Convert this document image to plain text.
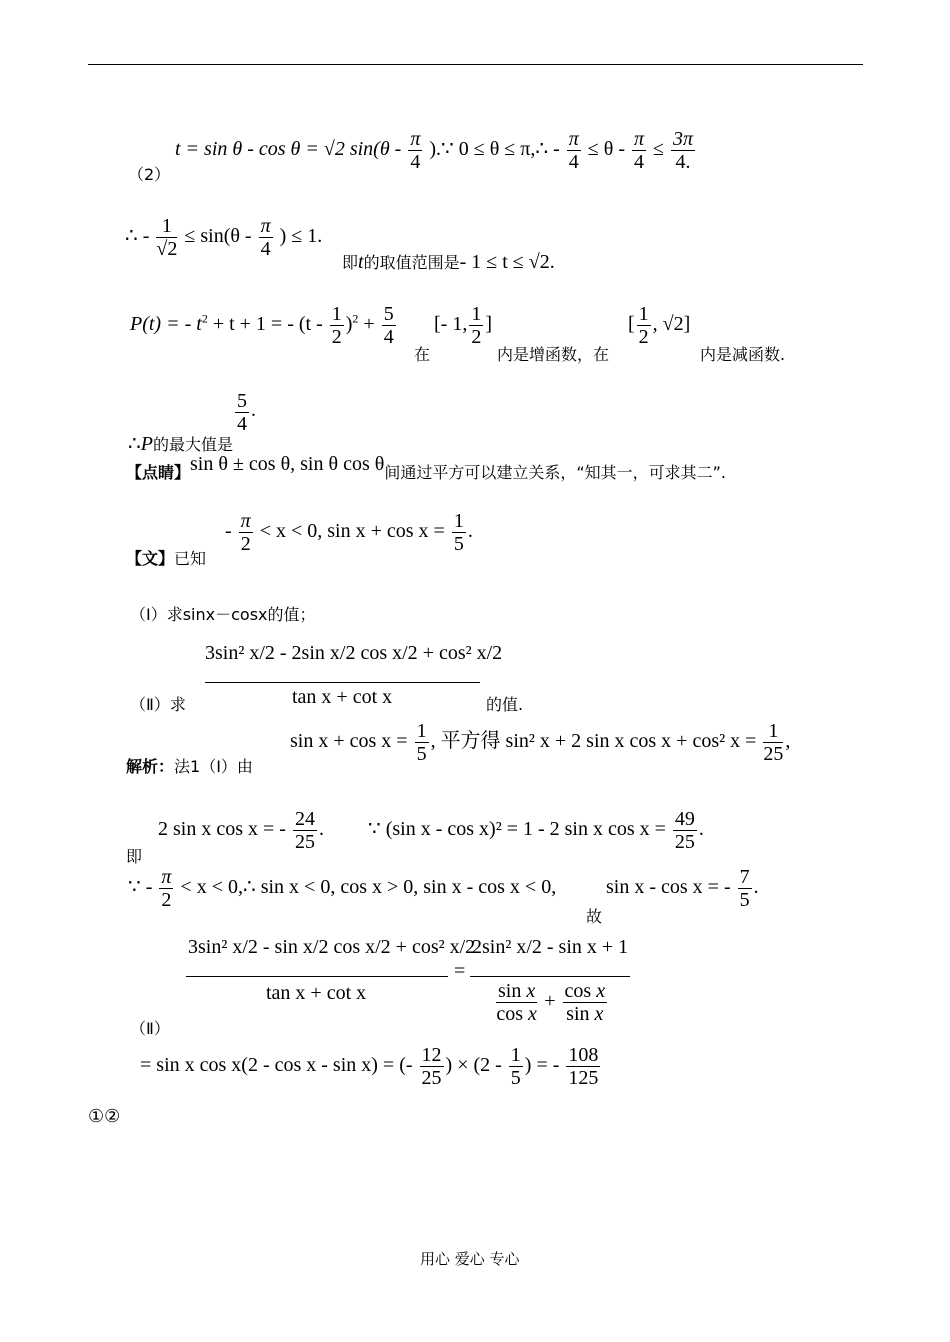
（2）
t = sin θ - cos θ = √2 $\sin(\theta - \frac{\pi}{4}$ ).∵ 0 ≤ θ ≤ π,∴ - $\frac{\pi}{4} \le \theta - \frac{\pi}{4} \le \frac{3\pi}{4.}$
∴ - $\frac{1}{√2} \le \sin(\theta - \frac{\pi}{4}$ ) ≤ 1.
即t的取值范围是- 1 ≤ t ≤ √2.
P(t) = - $t^2 + t + 1$ = - $(t - \frac{1}{2} )^2 + \frac{5}{4}$
在
[- 1, $\frac{1}{2}$ ]
内是增函数，在
[ $\frac{1}{2}$ , √2]
内是减函数.
∴P的最大值是
$\frac{5}{4}$ .
【点睛】sin θ ± cos θ, sin θ cos θ间通过平方可以建立关系，“知其一，可求其二”.
【文】已知
- $\frac{\pi}{2} < x < 0$, $\sin x + \cos x = \frac{1}{5}$ .
（I）求sinx－cosx的值；
（Ⅱ）求
3sin² x/2 - 2sin x/2 cos x/2 + cos² x/2
tan x + cot x	的值.
解析：法1（Ⅰ）由
$\sin x + \cos x = \frac{1}{5}$ , 平方得 sin² x + 2 sin x cos x + cos² $x = \frac{1}{25}$ ,
即
2 sin x cos x = - $\frac{24}{25}$ . ∵ (sin x - cos x)² = 1 - 2 sin x $\cos x = \frac{49}{25}$ .
∵ - $\frac{\pi}{2} < x$ < 0,∴ sin x < 0, cos x > 0, sin x - cos x < 0,
故
sin x - cos x = - $\frac{7}{5}$ .
3sin² x/2 - sin x/2 cos x/2 + cos² x/2
tan x + cot x
=
2sin² x/2 - sin x + 1
$\frac{\text{sin x}}{\text{cos x}} + \frac{\text{cos x}}{\text{sin x}}$
（Ⅱ）
= sin x cos x(2 - cos x - sin x) = (- $\frac{12}{25}$ ) × ($2 - \frac{1}{5}$ ) = - $\frac{108}{125}$
①②
用心 爱心 专心
